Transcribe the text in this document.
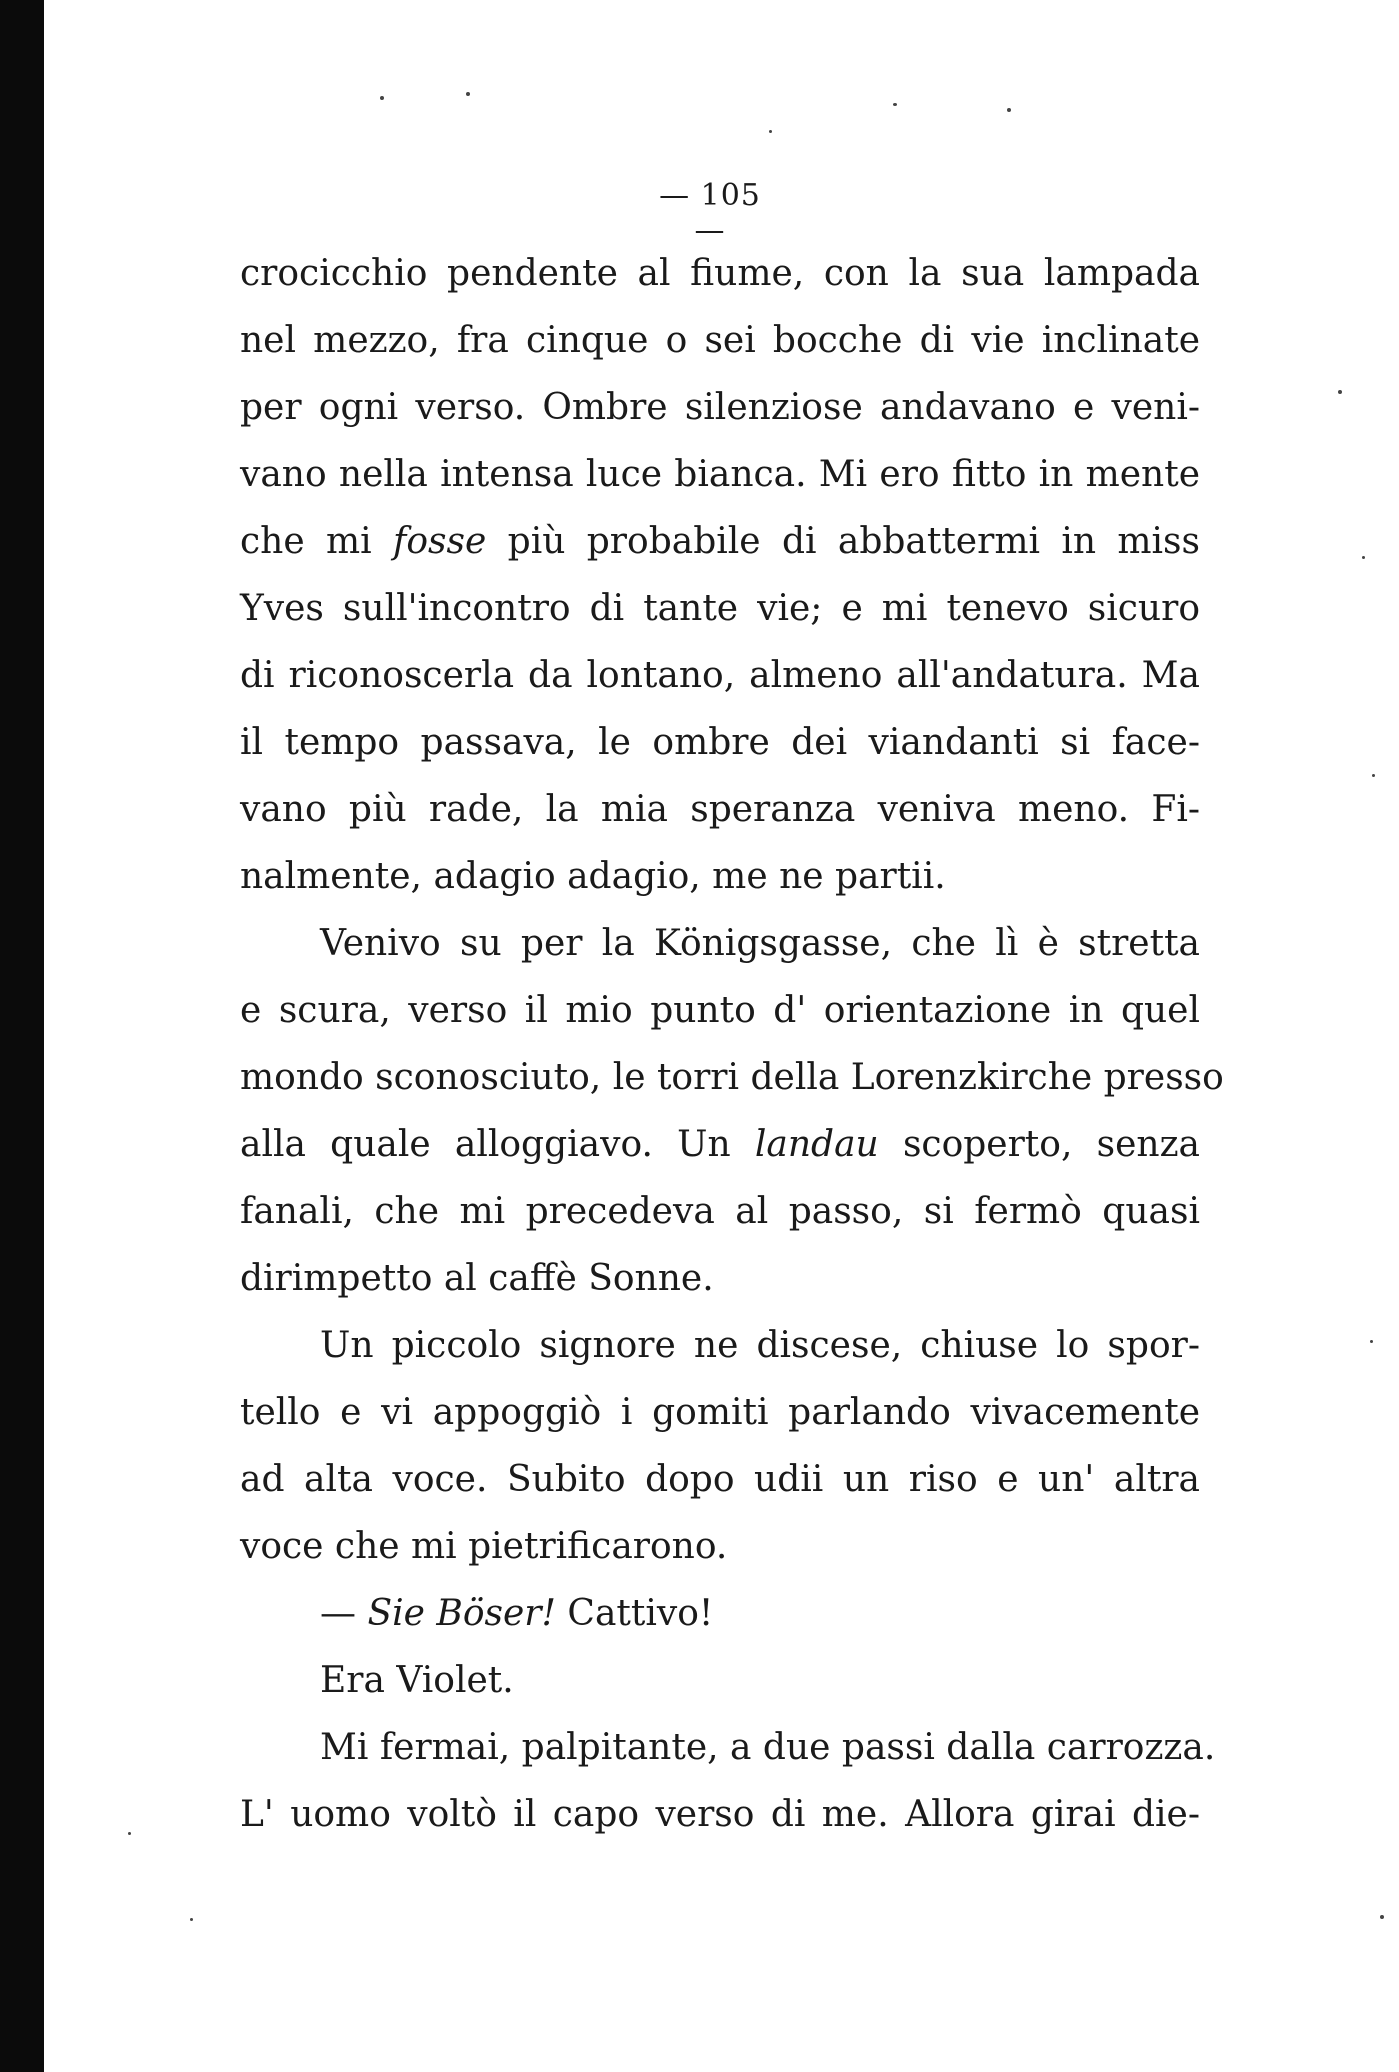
— 105 —
crocicchio pendente al fiume, con la sua lampada
nel mezzo, fra cinque o sei bocche di vie inclinate
per ogni verso. Ombre silenziose andavano e veni-
vano nella intensa luce bianca. Mi ero fitto in mente
che mi fosse più probabile di abbattermi in miss
Yves sull'incontro di tante vie; e mi tenevo sicuro
di riconoscerla da lontano, almeno all'andatura. Ma
il tempo passava, le ombre dei viandanti si face-
vano più rade, la mia speranza veniva meno. Fi-
nalmente, adagio adagio, me ne partii.
Venivo su per la Königsgasse, che lì è stretta
e scura, verso il mio punto d' orientazione in quel
mondo sconosciuto, le torri della Lorenzkirche presso
alla quale alloggiavo. Un landau scoperto, senza
fanali, che mi precedeva al passo, si fermò quasi
dirimpetto al caffè Sonne.
Un piccolo signore ne discese, chiuse lo spor-
tello e vi appoggiò i gomiti parlando vivacemente
ad alta voce. Subito dopo udii un riso e un' altra
voce che mi pietrificarono.
— Sie Böser! Cattivo!
Era Violet.
Mi fermai, palpitante, a due passi dalla carrozza.
L' uomo voltò il capo verso di me. Allora girai die-
